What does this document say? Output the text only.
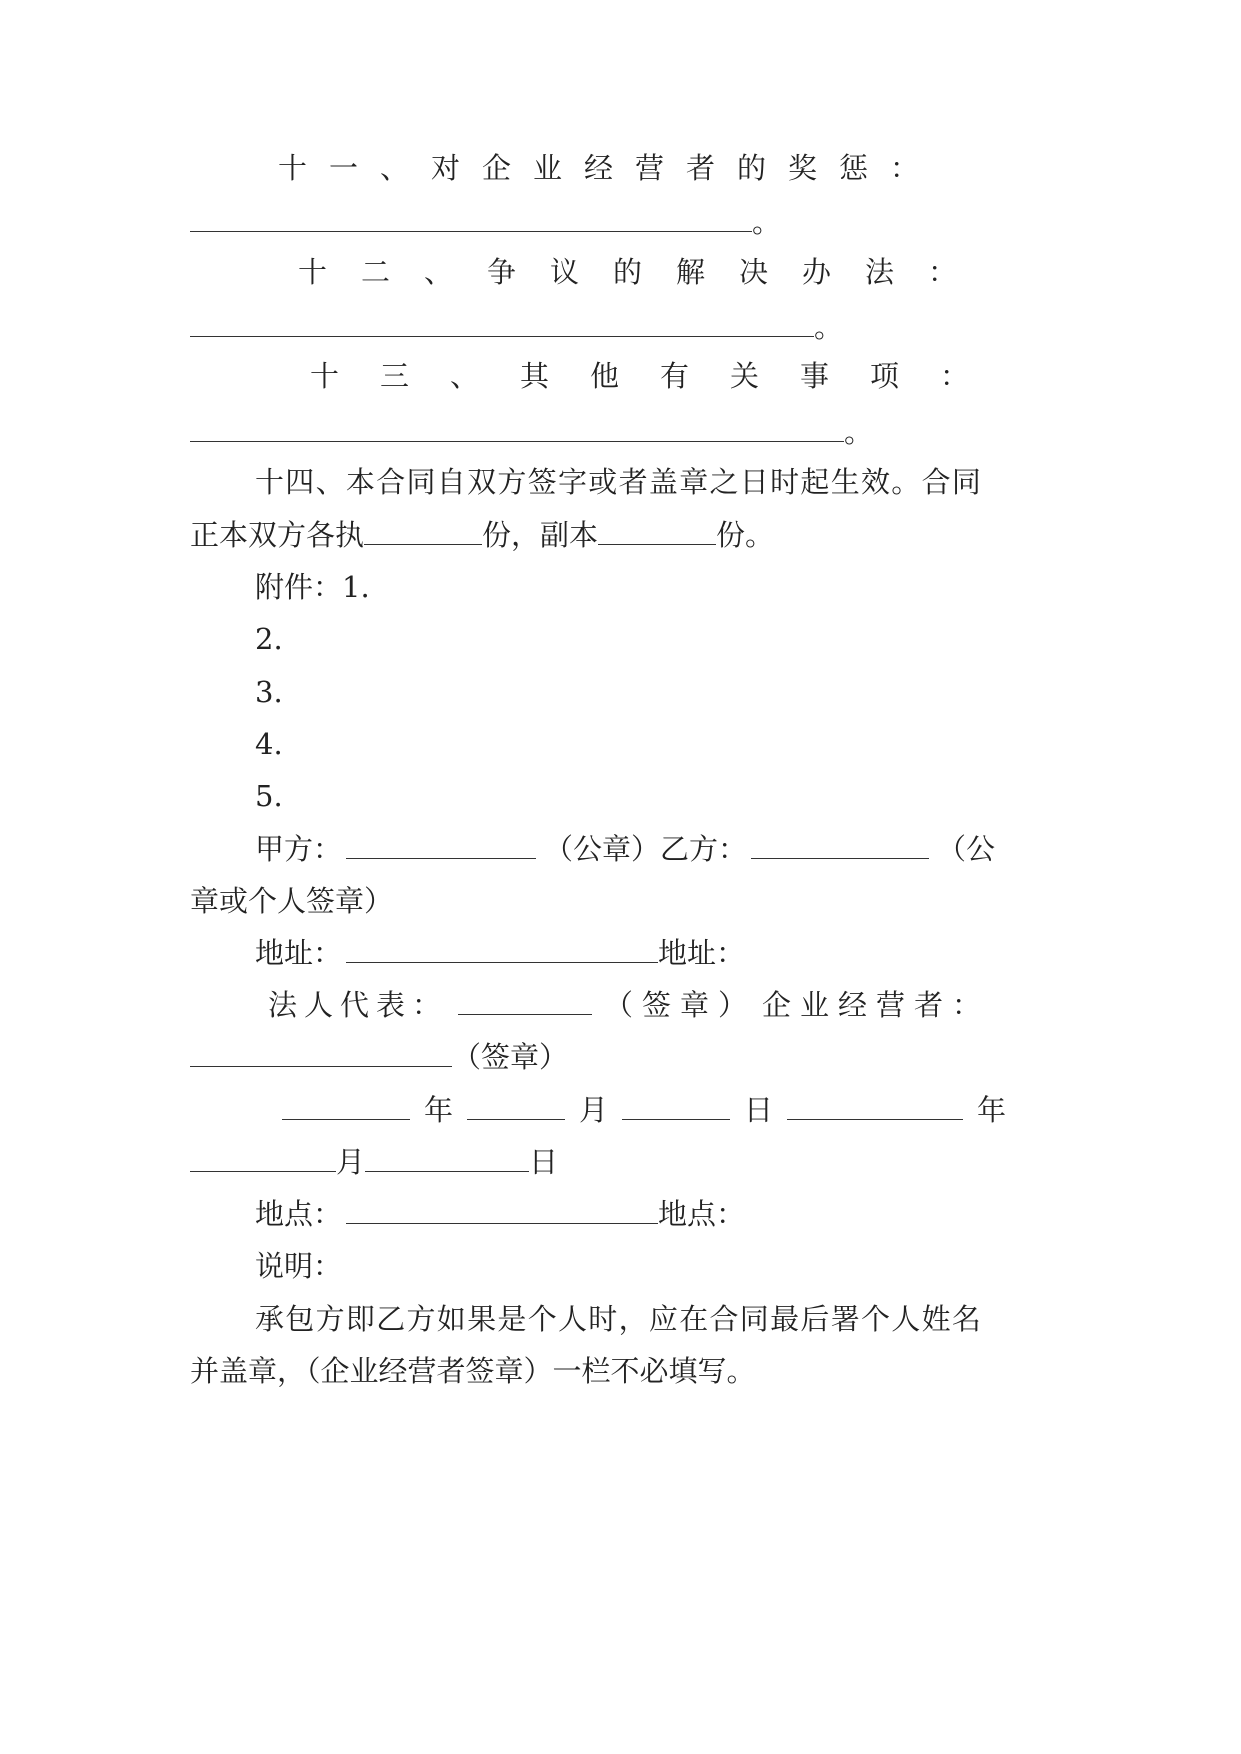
十一、对企业经营者的奖惩：
。
十二、争议的解决办法：
。
十三、其他有关事项：
。
十四、本合同自双方签字或者盖章之日时起生效。合同
正本双方各执	份，副本	份。
附件：1.
2.
3.
4.
5.
甲方：	（公章）乙方：	（公
章或个人签章）
地址：	地址：
法人代表：	（签章） 企业经营者：
（签章）
年	月	日	年
月	日
地点：	地点：
说明：
承包方即乙方如果是个人时，应在合同最后署个人姓名
并盖章，（企业经营者签章）一栏不必填写。
